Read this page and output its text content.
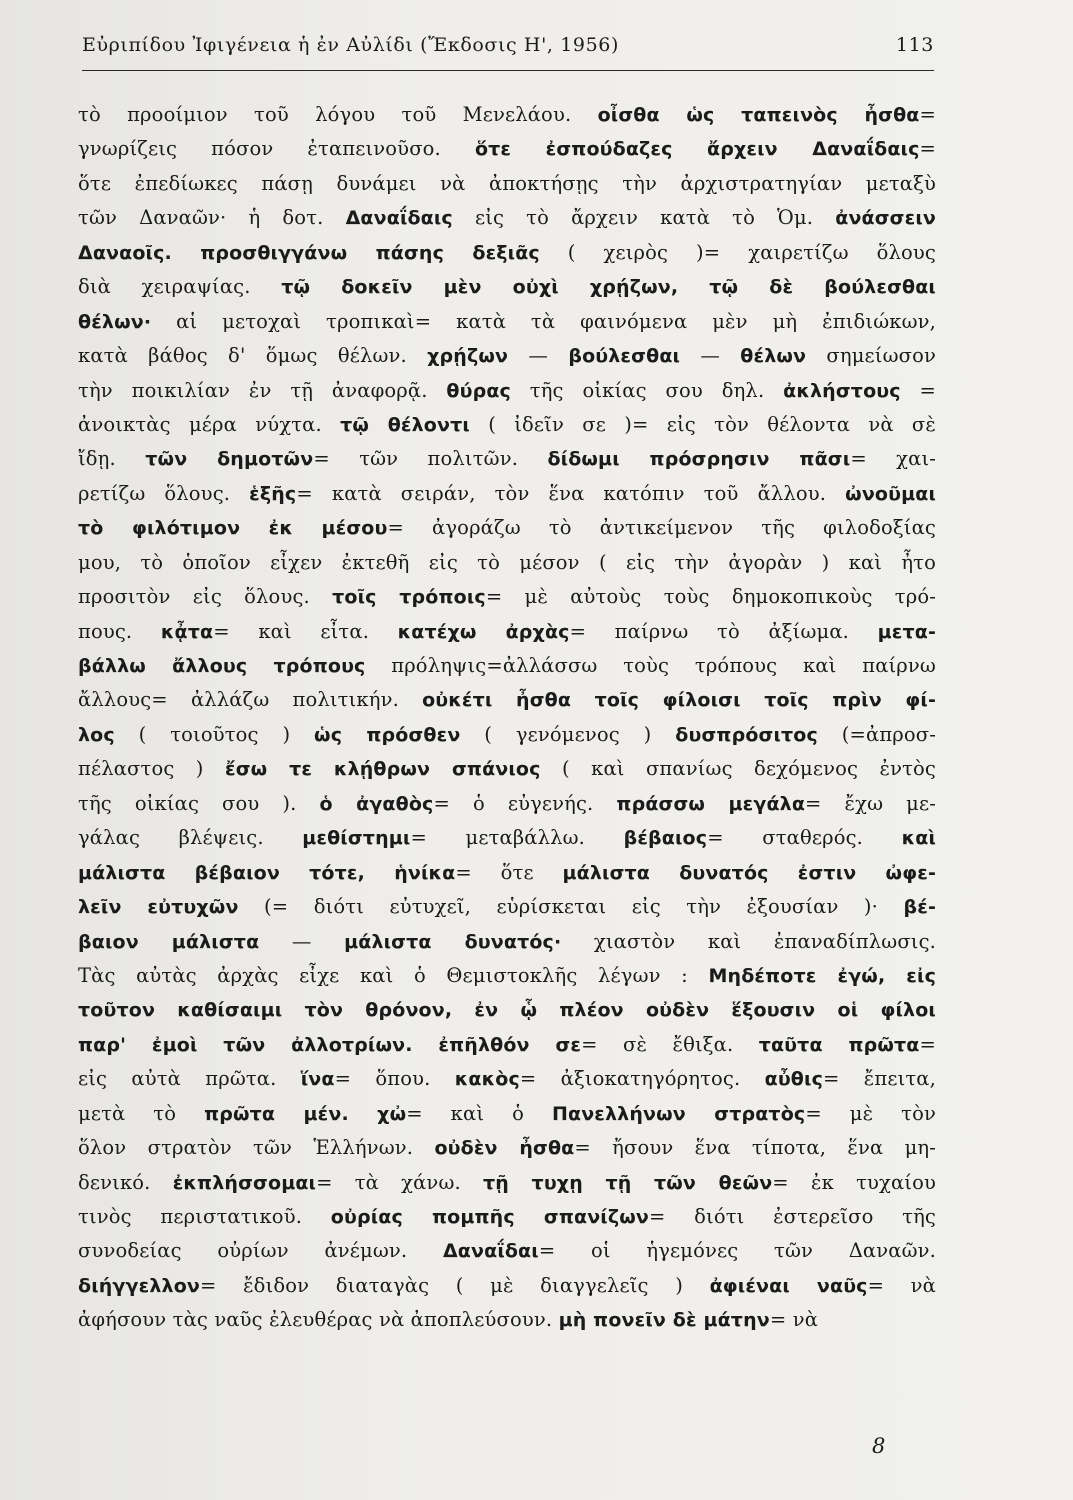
Εὐριπίδου Ἰφιγένεια ἡ ἐν Αὐλίδι (Ἔκδοσις Η', 1956)	113
τὸ προοίμιον τοῦ λόγου τοῦ Μενελάου. οἶσθα ὡς ταπεινὸς ἦσθα=
γνωρίζεις πόσον ἐταπεινοῦσο. ὅτε ἐσπούδαζες ἄρχειν Δαναΐδαις=
ὅτε ἐπεδίωκες πάσῃ δυνάμει νὰ ἀποκτήσῃς τὴν ἀρχιστρατηγίαν μεταξὺ
τῶν Δαναῶν· ἡ δοτ. Δαναΐδαις εἰς τὸ ἄρχειν κατὰ τὸ Ὁμ. ἀνάσσειν
Δαναοῖς. προσθιγγάνω πάσης δεξιᾶς ( χειρὸς )= χαιρετίζω ὅλους
διὰ χειραψίας. τῷ δοκεῖν μὲν οὐχὶ χρῄζων, τῷ δὲ βούλεσθαι
θέλων· αἱ μετοχαὶ τροπικαὶ= κατὰ τὰ φαινόμενα μὲν μὴ ἐπιδιώκων,
κατὰ βάθος δ' ὅμως θέλων. χρῄζων — βούλεσθαι — θέλων σημείωσον
τὴν ποικιλίαν ἐν τῇ ἀναφορᾷ. θύρας τῆς οἰκίας σου δηλ. ἀκλήστους =
ἀνοικτὰς μέρα νύχτα. τῷ θέλοντι ( ἰδεῖν σε )= εἰς τὸν θέλοντα νὰ σὲ
ἴδῃ. τῶν δημοτῶν= τῶν πολιτῶν. δίδωμι πρόσρησιν πᾶσι= χαι-
ρετίζω ὅλους. ἑξῆς= κατὰ σειράν, τὸν ἕνα κατόπιν τοῦ ἄλλου. ὠνοῦμαι
τὸ φιλότιμον ἐκ μέσου= ἀγοράζω τὸ ἀντικείμενον τῆς φιλοδοξίας
μου, τὸ ὁποῖον εἶχεν ἐκτεθῆ εἰς τὸ μέσον ( εἰς τὴν ἀγορὰν ) καὶ ἦτο
προσιτὸν εἰς ὅλους. τοῖς τρόποις= μὲ αὐτοὺς τοὺς δημοκοπικοὺς τρό-
πους. κᾆτα= καὶ εἶτα. κατέχω ἀρχὰς= παίρνω τὸ ἀξίωμα. μετα-
βάλλω ἄλλους τρόπους πρόληψις=ἀλλάσσω τοὺς τρόπους καὶ παίρνω
ἄλλους= ἀλλάζω πολιτικήν. οὐκέτι ἦσθα τοῖς φίλοισι τοῖς πρὶν φί-
λος ( τοιοῦτος ) ὡς πρόσθεν ( γενόμενος ) δυσπρόσιτος (=ἀπροσ-
πέλαστος ) ἔσω τε κλῄθρων σπάνιος ( καὶ σπανίως δεχόμενος ἐντὸς
τῆς οἰκίας σου ). ὁ ἀγαθὸς= ὁ εὐγενής. πράσσω μεγάλα= ἔχω με-
γάλας βλέψεις. μεθίστημι= μεταβάλλω. βέβαιος= σταθερός. καὶ
μάλιστα βέβαιον τότε, ἡνίκα= ὅτε μάλιστα δυνατός ἐστιν ὠφε-
λεῖν εὐτυχῶν (= διότι εὐτυχεῖ, εὑρίσκεται εἰς τὴν ἐξουσίαν )· βέ-
βαιον μάλιστα — μάλιστα δυνατός· χιαστὸν καὶ ἐπαναδίπλωσις.
Τὰς αὐτὰς ἀρχὰς εἶχε καὶ ὁ Θεμιστοκλῆς λέγων : Μηδέποτε ἐγώ, εἰς
τοῦτον καθίσαιμι τὸν θρόνον, ἐν ᾧ πλέον οὐδὲν ἕξουσιν οἱ φίλοι
παρ' ἐμοὶ τῶν ἀλλοτρίων. ἐπῆλθόν σε= σὲ ἔθιξα. ταῦτα πρῶτα=
εἰς αὐτὰ πρῶτα. ἵνα= ὅπου. κακὸς= ἀξιοκατηγόρητος. αὖθις= ἔπειτα,
μετὰ τὸ πρῶτα μέν. χὠ= καὶ ὁ Πανελλήνων στρατὸς= μὲ τὸν
ὅλον στρατὸν τῶν Ἑλλήνων. οὐδὲν ἦσθα= ἤσουν ἕνα τίποτα, ἕνα μη-
δενικό. ἐκπλήσσομαι= τὰ χάνω. τῇ τυχῃ τῇ τῶν θεῶν= ἐκ τυχαίου
τινὸς περιστατικοῦ. οὐρίας πομπῆς σπανίζων= διότι ἐστερεῖσο τῆς
συνοδείας οὐρίων ἀνέμων. Δαναΐδαι= οἱ ἡγεμόνες τῶν Δαναῶν.
διήγγελλον= ἔδιδον διαταγὰς ( μὲ διαγγελεῖς ) ἀφιέναι ναῦς= νὰ
ἀφήσουν τὰς ναῦς ἐλευθέρας νὰ ἀποπλεύσουν. μὴ πονεῖν δὲ μάτην= νὰ
8
